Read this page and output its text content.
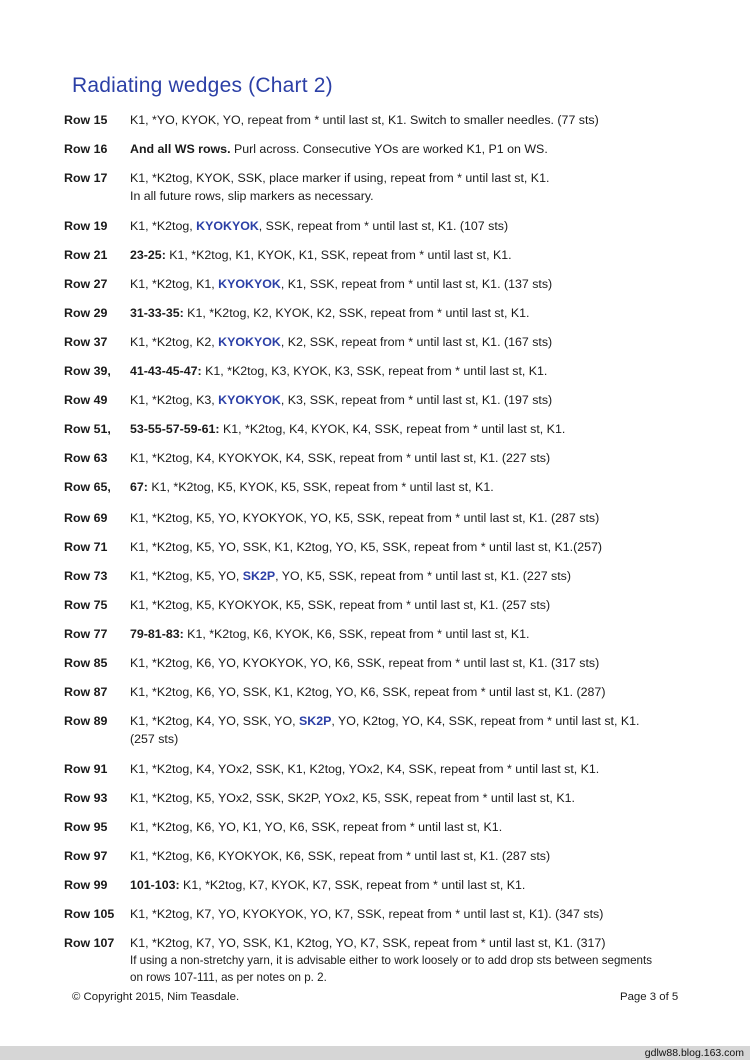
Radiating wedges (Chart 2)
Row 15 K1, *YO, KYOK, YO, repeat from * until last st, K1. Switch to smaller needles. (77 sts)
Row 16 And all WS rows. Purl across. Consecutive YOs are worked K1, P1 on WS.
Row 17 K1, *K2tog, KYOK, SSK, place marker if using, repeat from * until last st, K1.
In all future rows, slip markers as necessary.
Row 19 K1, *K2tog, KYOKYOK, SSK, repeat from * until last st, K1. (107 sts)
Row 21 23-25: K1, *K2tog, K1, KYOK, K1, SSK, repeat from * until last st, K1.
Row 27 K1, *K2tog, K1, KYOKYOK, K1, SSK, repeat from * until last st, K1. (137 sts)
Row 29 31-33-35: K1, *K2tog, K2, KYOK, K2, SSK, repeat from * until last st, K1.
Row 37 K1, *K2tog, K2, KYOKYOK, K2, SSK, repeat from * until last st, K1. (167 sts)
Row 39, 41-43-45-47: K1, *K2tog, K3, KYOK, K3, SSK, repeat from * until last st, K1.
Row 49 K1, *K2tog, K3, KYOKYOK, K3, SSK, repeat from * until last st, K1. (197 sts)
Row 51, 53-55-57-59-61: K1, *K2tog, K4, KYOK, K4, SSK, repeat from * until last st, K1.
Row 63 K1, *K2tog, K4, KYOKYOK, K4, SSK, repeat from * until last st, K1. (227 sts)
Row 65, 67: K1, *K2tog, K5, KYOK, K5, SSK, repeat from * until last st, K1.
Row 69 K1, *K2tog, K5, YO, KYOKYOK, YO, K5, SSK, repeat from * until last st, K1. (287 sts)
Row 71 K1, *K2tog, K5, YO, SSK, K1, K2tog, YO, K5, SSK, repeat from * until last st, K1.(257)
Row 73 K1, *K2tog, K5, YO, SK2P, YO, K5, SSK, repeat from * until last st, K1. (227 sts)
Row 75 K1, *K2tog, K5, KYOKYOK, K5, SSK, repeat from * until last st, K1. (257 sts)
Row 77 79-81-83: K1, *K2tog, K6, KYOK, K6, SSK, repeat from * until last st, K1.
Row 85 K1, *K2tog, K6, YO, KYOKYOK, YO, K6, SSK, repeat from * until last st, K1. (317 sts)
Row 87 K1, *K2tog, K6, YO, SSK, K1, K2tog, YO, K6, SSK, repeat from * until last st, K1. (287)
Row 89 K1, *K2tog, K4, YO, SSK, YO, SK2P, YO, K2tog, YO, K4, SSK, repeat from * until last st, K1. (257 sts)
Row 91 K1, *K2tog, K4, YOx2, SSK, K1, K2tog, YOx2, K4, SSK, repeat from * until last st, K1.
Row 93 K1, *K2tog, K5, YOx2, SSK, SK2P, YOx2, K5, SSK, repeat from * until last st, K1.
Row 95 K1, *K2tog, K6, YO, K1, YO, K6, SSK, repeat from * until last st, K1.
Row 97 K1, *K2tog, K6, KYOKYOK, K6, SSK, repeat from * until last st, K1. (287 sts)
Row 99 101-103: K1, *K2tog, K7, KYOK, K7, SSK, repeat from * until last st, K1.
Row 105 K1, *K2tog, K7, YO, KYOKYOK, YO, K7, SSK, repeat from * until last st, K1). (347 sts)
Row 107 K1, *K2tog, K7, YO, SSK, K1, K2tog, YO, K7, SSK, repeat from * until last st, K1. (317)
If using a non-stretchy yarn, it is advisable either to work loosely or to add drop sts between segments on rows 107-111, as per notes on p. 2.
© Copyright 2015, Nim Teasdale.	Page 3 of 5
gdlw88.blog.163.com
